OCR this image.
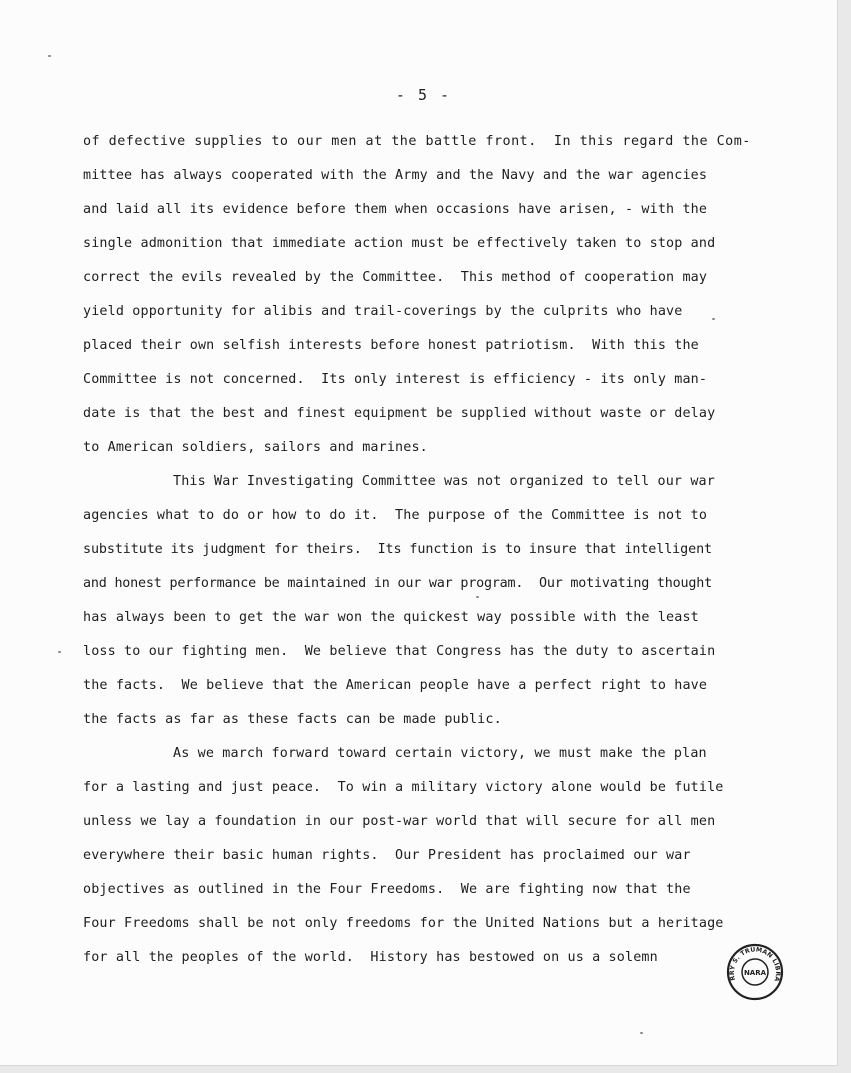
- 5 -
of defective supplies to our men at the battle front.  In this regard the Com-
mittee has always cooperated with the Army and the Navy and the war agencies
and laid all its evidence before them when occasions have arisen, - with the
single admonition that immediate action must be effectively taken to stop and
correct the evils revealed by the Committee.  This method of cooperation may
yield opportunity for alibis and trail-coverings by the culprits who have
placed their own selfish interests before honest patriotism.  With this the
Committee is not concerned.  Its only interest is efficiency - its only man-
date is that the best and finest equipment be supplied without waste or delay
to American soldiers, sailors and marines.
This War Investigating Committee was not organized to tell our war
agencies what to do or how to do it.  The purpose of the Committee is not to
substitute its judgment for theirs.  Its function is to insure that intelligent
and honest performance be maintained in our war program.  Our motivating thought
has always been to get the war won the quickest way possible with the least
loss to our fighting men.  We believe that Congress has the duty to ascertain
the facts.  We believe that the American people have a perfect right to have
the facts as far as these facts can be made public.
As we march forward toward certain victory, we must make the plan
for a lasting and just peace.  To win a military victory alone would be futile
unless we lay a foundation in our post-war world that will secure for all men
everywhere their basic human rights.  Our President has proclaimed our war
objectives as outlined in the Four Freedoms.  We are fighting now that the
Four Freedoms shall be not only freedoms for the United Nations but a heritage
for all the peoples of the world.  History has bestowed on us a solemn
RRY S. TRUMAN LIBRA
NARA
